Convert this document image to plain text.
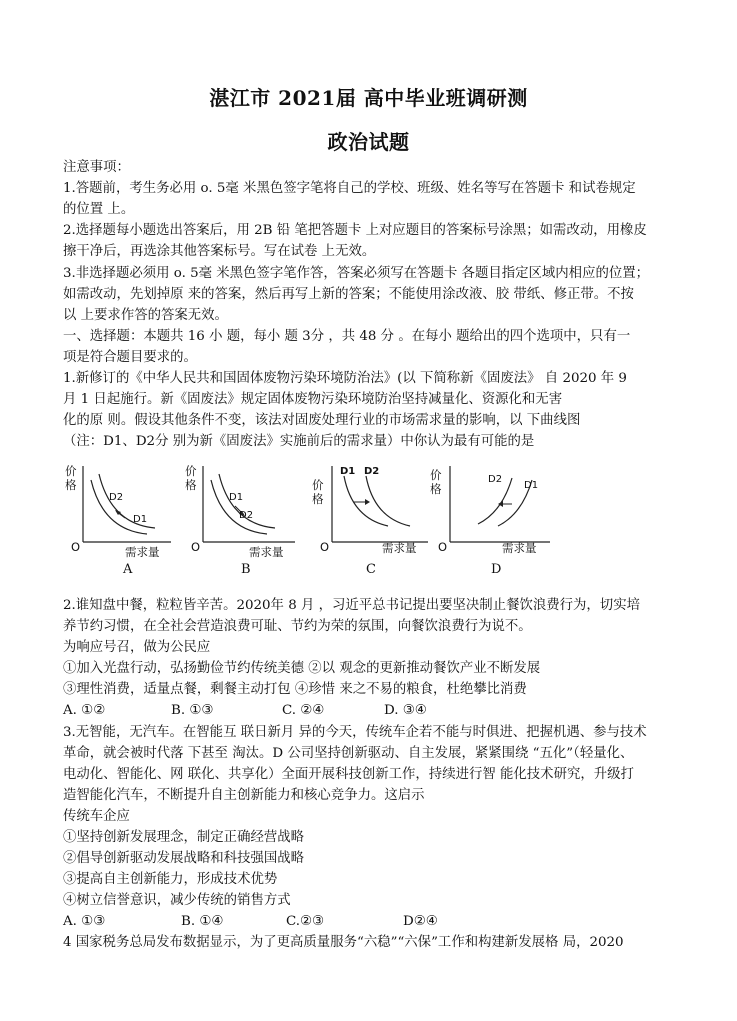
湛江市 2021届 高中毕业班调研测
政治试题
注意事项：
1.答题前，考生务必用 o. 5毫 米黑色签字笔将自己的学校、班级、姓名等写在答题卡 和试卷规定
的位置 上。
2.选择题每小题选出答案后，用 2B 铅 笔把答题卡 上对应题目的答案标号涂黑；如需改动，用橡皮
擦干净后，再选涂其他答案标号。写在试卷 上无效。
3.非选择题必须用 o. 5毫 米黑色签字笔作答，答案必须写在答题卡 各题目指定区域内相应的位置；
如需改动，先划掉原 来的答案，然后再写上新的答案；不能使用涂改液、胶 带纸、修正带。不按
以 上要求作答的答案无效。
一、选择题：本题共 16 小 题，每小 题 3分 ，共 48 分 。在每小 题给出的四个选项中，只有一
项是符合题目要求的。
1.新修订的《中华人民共和国固体废物污染环境防治法》(以 下简称新《固废法》 自 2020 年 9
月 1 日起施行。新《固废法》规定固体废物污染环境防治坚持减量化、资源化和无害
化的原 则。假设其他条件不变，该法对固废处理行业的市场需求量的影响，以 下曲线图
（注：D1、D2分 别为新《固废法》实施前后的需求量）中你认为最有可能的是
价格
O	需求量
D2
D1
A
价格
O	需求量
D1
D2
B
价格
O	需求量
D1 D2
C
价格
O	需求量
D2
D1
D
2.谁知盘中餐，粒粒皆辛苦。2020年 8 月 ，习近平总书记提出要坚决制止餐饮浪费行为，切实培
养节约习惯，在全社会营造浪费可耻、节约为荣的氛围，向餐饮浪费行为说不。
为响应号召，做为公民应
①加入光盘行动，弘扬勤俭节约传统美德 ②以 观念的更新推动餐饮产业不断发展
③理性消费，适量点餐，剩餐主动打包 ④珍惜 来之不易的粮食，杜绝攀比消费
A. ①②	B. ①③	C. ②④	D. ③④
3.无智能，无汽车。在智能互 联日新月 异的今天，传统车企若不能与时俱进、把握机遇、参与技术
革命，就会被时代落 下甚至 淘汰。D 公司坚持创新驱动、自主发展，紧紧围绕 “五化”（轻量化、
电动化、智能化、网 联化、共享化）全面开展科技创新工作，持续进行智 能化技术研究，升级打
造智能化汽车，不断提升自主创新能力和核心竞争力。这启示
传统车企应
①坚持创新发展理念，制定正确经营战略
②倡导创新驱动发展战略和科技强国战略
③提高自主创新能力，形成技术优势
④树立信誉意识，减少传统的销售方式
A. ①③	B. ①④	C.②③	D②④
4 国家税务总局发布数据显示，为了更高质量服务“六稳”“六保”工作和构建新发展格 局，2020
